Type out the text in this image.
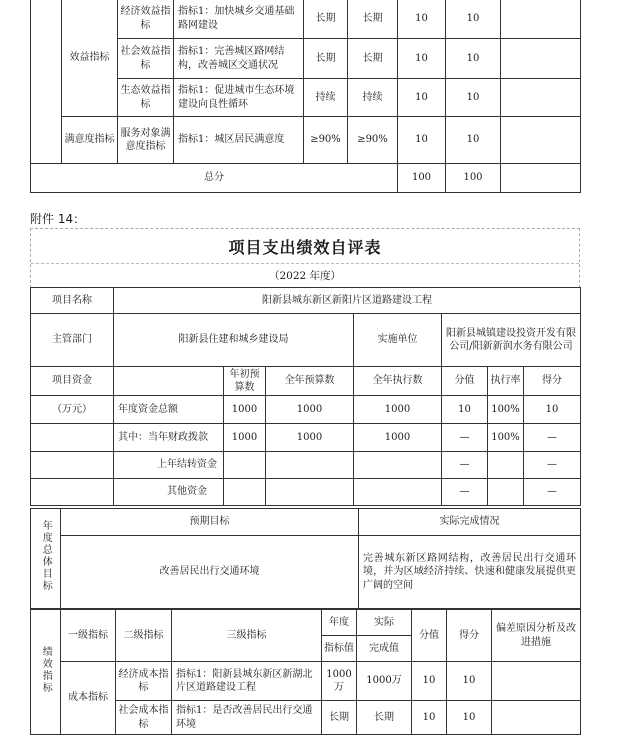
	效益指标	经济效益指标	指标1：加快城乡交通基础路网建设	长期	长期	10	10	
		社会效益指标	指标1：完善城区路网结构，改善城区交通状况	长期	长期	10	10	
		生态效益指标	指标1：促进城市生态环境建设向良性循环	持续	持续	10	10	
	满意度指标	服务对象满意度指标	指标1：城区居民满意度	≥90%	≥90%	10	10	
总分						100	100	
附件 14：
项目支出绩效自评表
（2022 年度）
项目名称	阳新县城东新区新阳片区道路建设工程						
主管部门	阳新县住建和城乡建设局			实施单位	阳新县城镇建设投资开发有限公司/阳新新润水务有限公司		
项目资金		年初预算数	全年预算数	全年执行数	分值	执行率	得分
（万元）	年度资金总额	1000	1000	1000	10	100%	10
	其中：当年财政拨款	1000	1000	1000	—	100%	—
	上年结转资金				—		—
	其他资金				—		—
年度总体目标	预期目标	实际完成情况
	改善居民出行交通环境	完善城东新区路网结构，改善居民出行交通环境，并为区域经济持续、快速和健康发展提供更广阔的空间
绩效指标	一级指标	二级指标	三级指标	年度	实际	分值	得分	偏差原因分析及改进措施
				指标值	完成值			
	成本指标	经济成本指标	指标1：阳新县城东新区新湖北片区道路建设工程	1000万	1000万	10	10	
		社会成本指标	指标1：是否改善居民出行交通环境	长期	长期	10	10	
